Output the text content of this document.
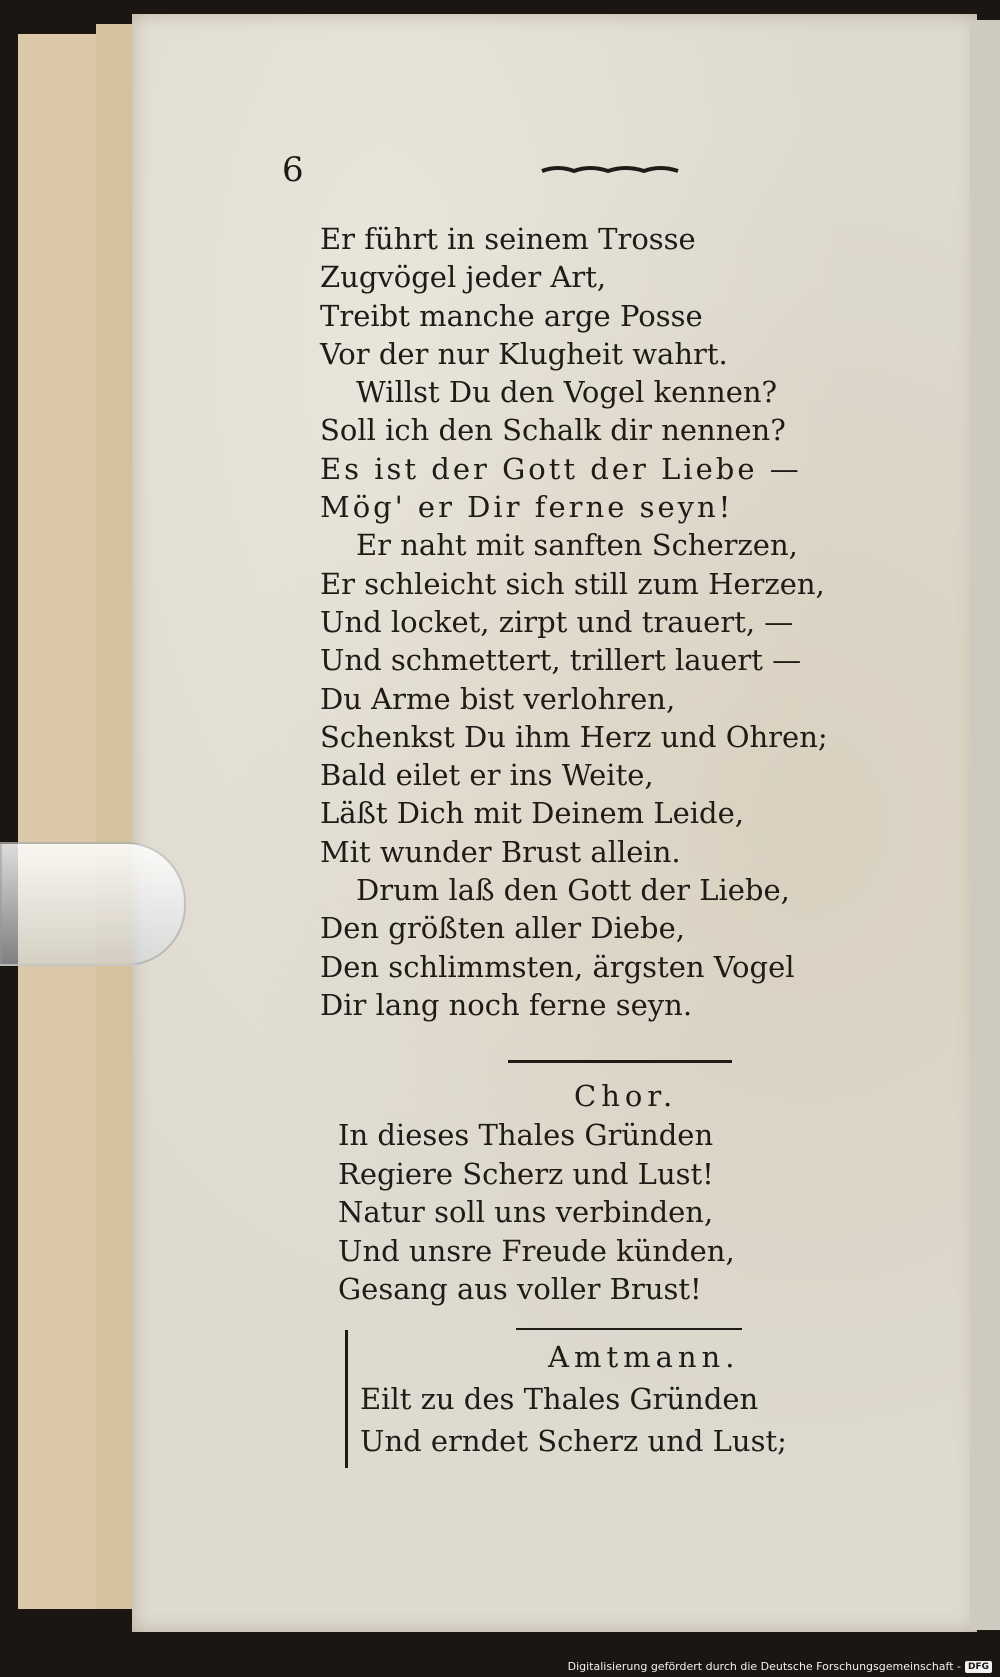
6
Er führt in seinem Trosse
Zugvögel jeder Art,
Treibt manche arge Posse
Vor der nur Klugheit wahrt.
Willst Du den Vogel kennen?
Soll ich den Schalk dir nennen?
Es ist der Gott der Liebe —
Mög' er Dir ferne seyn!
Er naht mit sanften Scherzen,
Er schleicht sich still zum Herzen,
Und locket, zirpt und trauert, —
Und schmettert, trillert lauert —
Du Arme bist verlohren,
Schenkst Du ihm Herz und Ohren;
Bald eilet er ins Weite,
Läßt Dich mit Deinem Leide,
Mit wunder Brust allein.
Drum laß den Gott der Liebe,
Den größten aller Diebe,
Den schlimmsten, ärgsten Vogel
Dir lang noch ferne seyn.
Chor.
In dieses Thales Gründen
Regiere Scherz und Lust!
Natur soll uns verbinden,
Und unsre Freude künden,
Gesang aus voller Brust!
Amtmann.
Eilt zu des Thales Gründen
Und erndet Scherz und Lust;
Digitalisierung gefördert durch die Deutsche Forschungsgemeinschaft - DFG
